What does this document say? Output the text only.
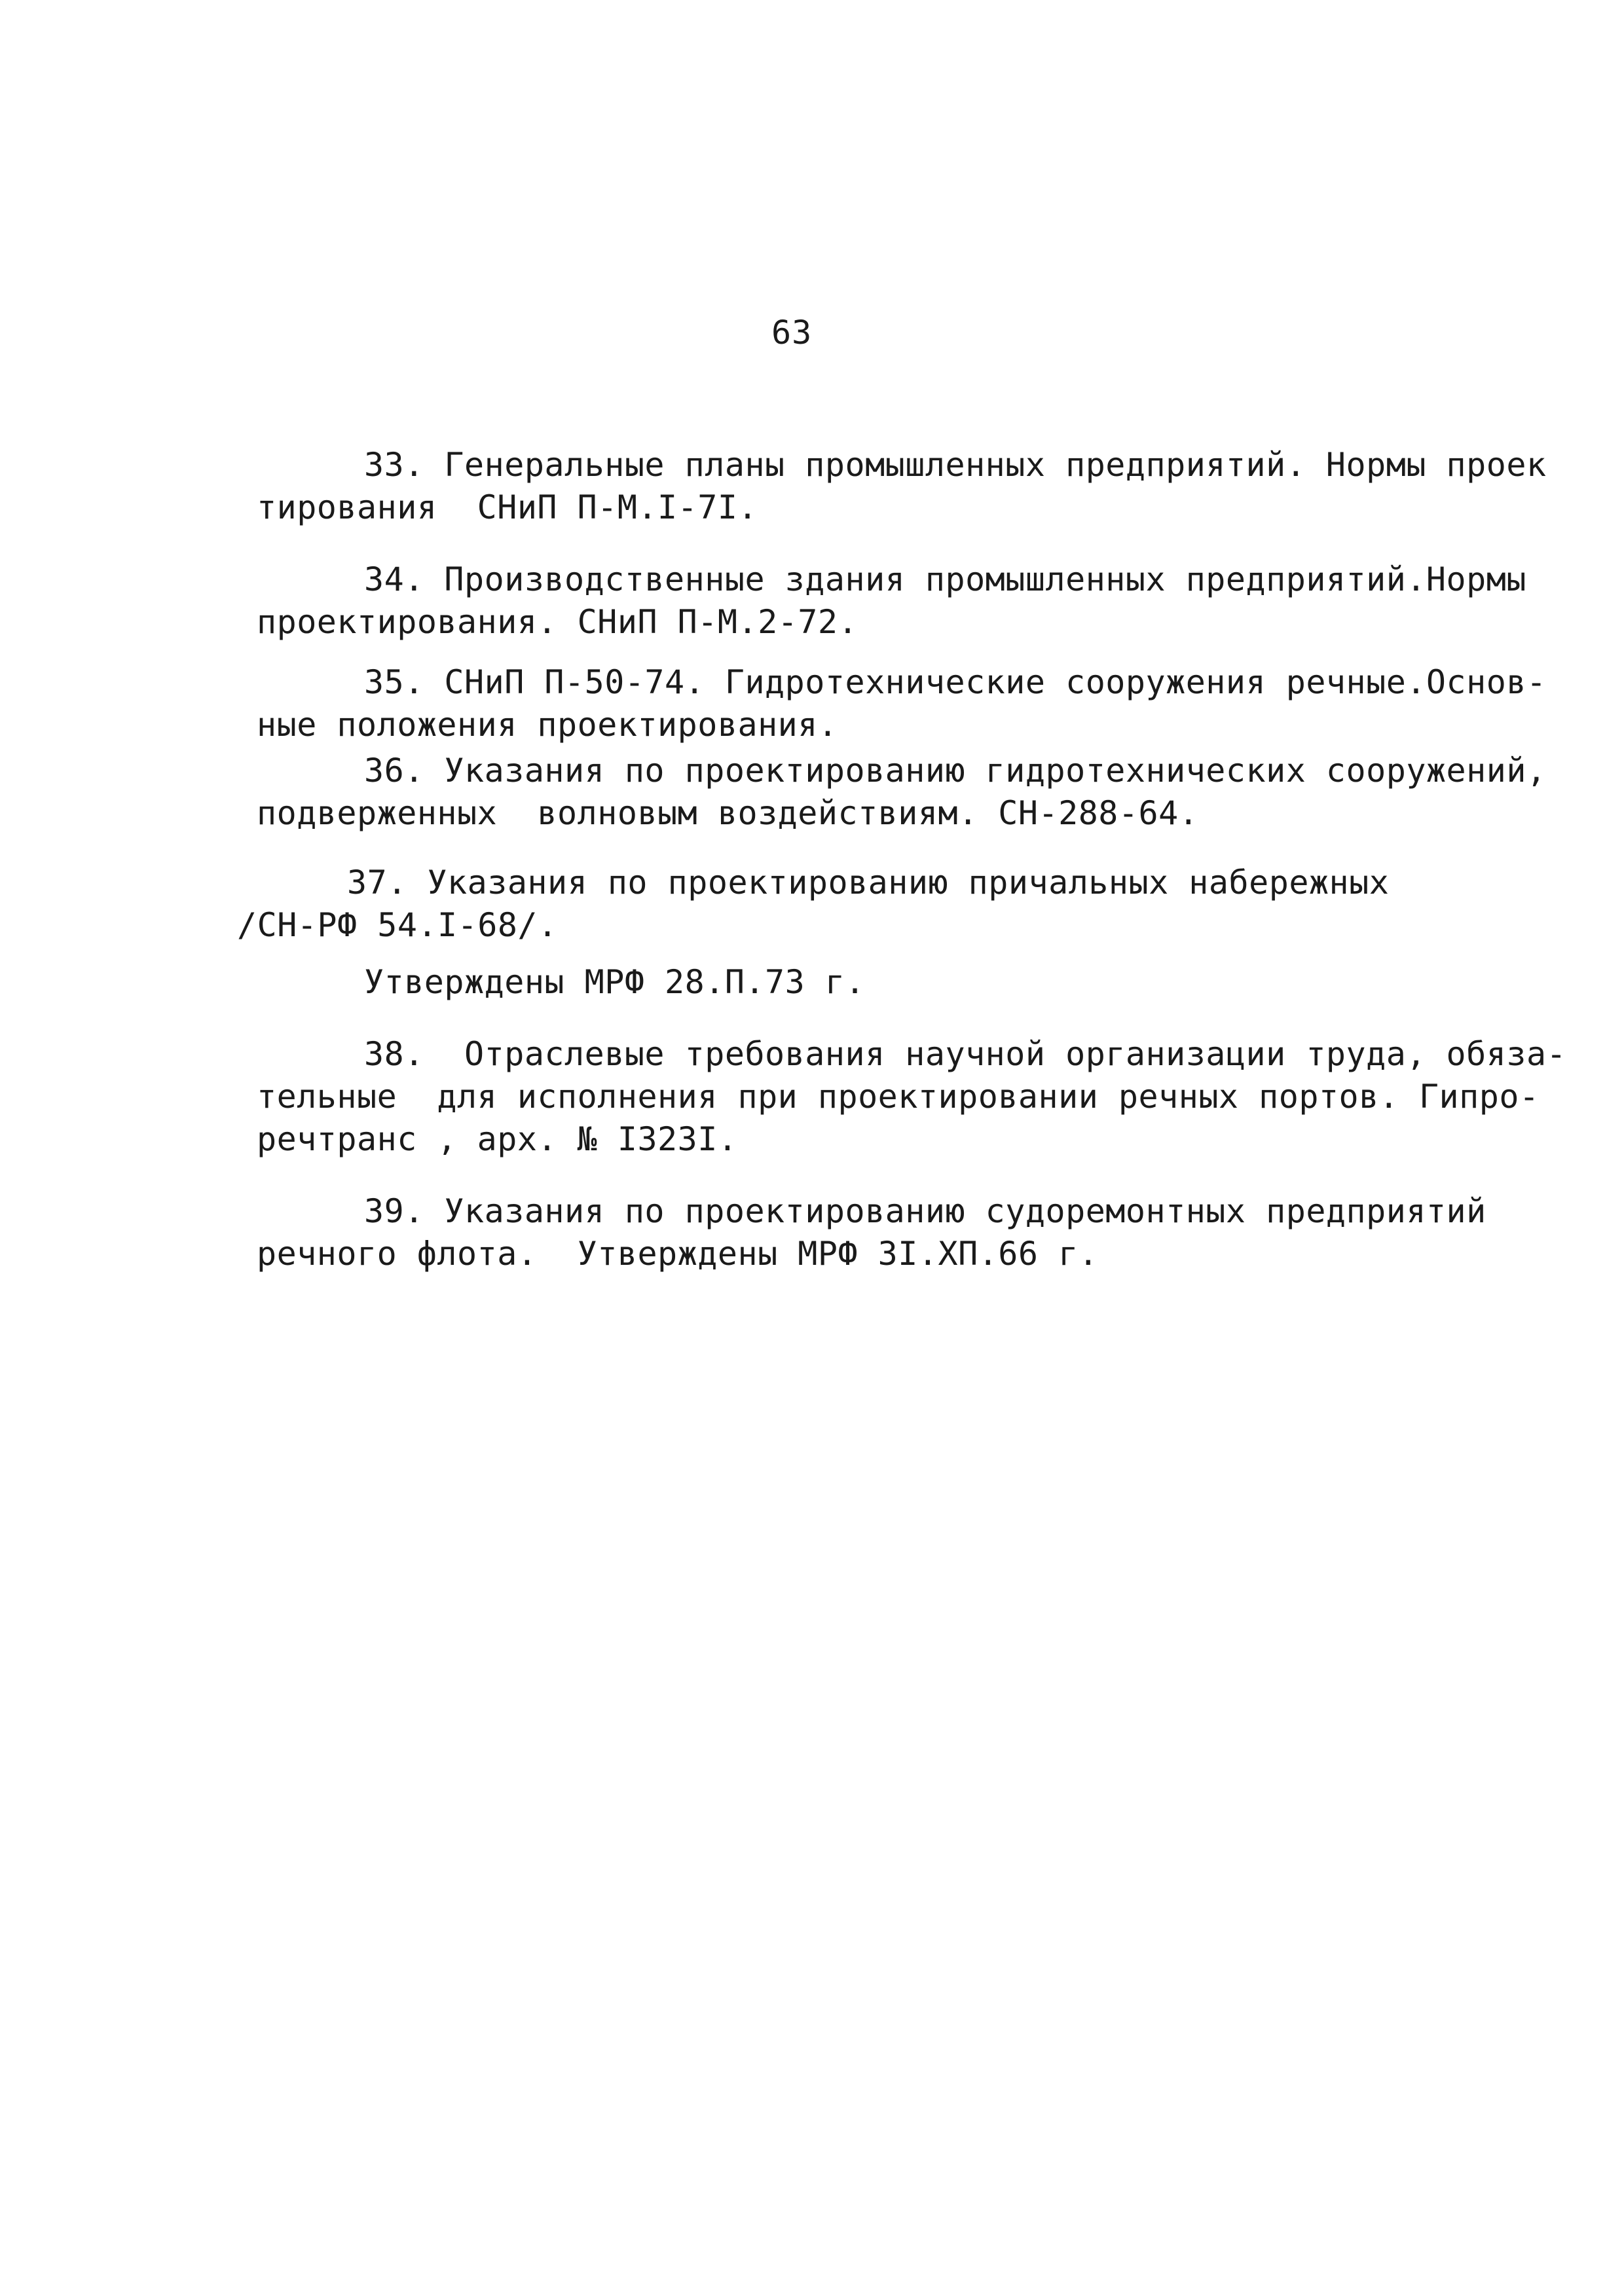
63
33. Генеральные планы промышленных предприятий. Нормы проек
тирования  СНиП П-М.I-7I.
34. Производственные здания промышленных предприятий.Нормы
проектирования. СНиП П-М.2-72.
35. СНиП П-50-74. Гидротехнические сооружения речные.Основ-
ные положения проектирования.
36. Указания по проектированию гидротехнических сооружений,
подверженных  волновым воздействиям. СН-288-64.
37. Указания по проектированию причальных набережных
/СН-РФ 54.I-68/.
Утверждены МРФ 28.П.73 г.
38.  Отраслевые требования научной организации труда, обяза-
тельные  для исполнения при проектировании речных портов. Гипро-
речтранс , арх. № I323I.
39. Указания по проектированию судоремонтных предприятий
речного флота.  Утверждены МРФ 3I.ХП.66 г.
